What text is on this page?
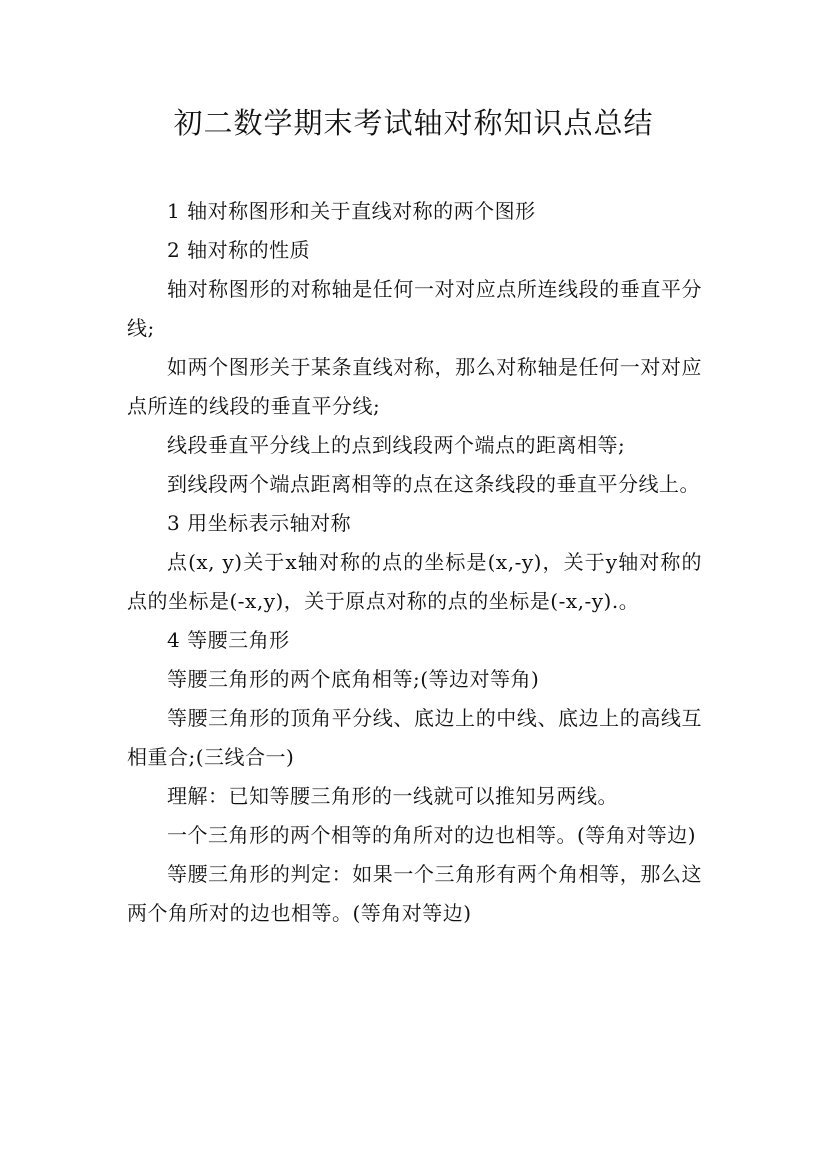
初二数学期末考试轴对称知识点总结

1 轴对称图形和关于直线对称的两个图形

2 轴对称的性质

轴对称图形的对称轴是任何一对对应点所连线段的垂直平分线;

如两个图形关于某条直线对称，那么对称轴是任何一对对应点所连的线段的垂直平分线;

线段垂直平分线上的点到线段两个端点的距离相等;

到线段两个端点距离相等的点在这条线段的垂直平分线上。

3 用坐标表示轴对称

点(x, y)关于x轴对称的点的坐标是(x,-y)，关于y轴对称的点的坐标是(-x,y)，关于原点对称的点的坐标是(-x,-y).。

4 等腰三角形

等腰三角形的两个底角相等;(等边对等角)

等腰三角形的顶角平分线、底边上的中线、底边上的高线互相重合;(三线合一)

理解：已知等腰三角形的一线就可以推知另两线。

一个三角形的两个相等的角所对的边也相等。(等角对等边)

等腰三角形的判定：如果一个三角形有两个角相等，那么这两个角所对的边也相等。(等角对等边)
